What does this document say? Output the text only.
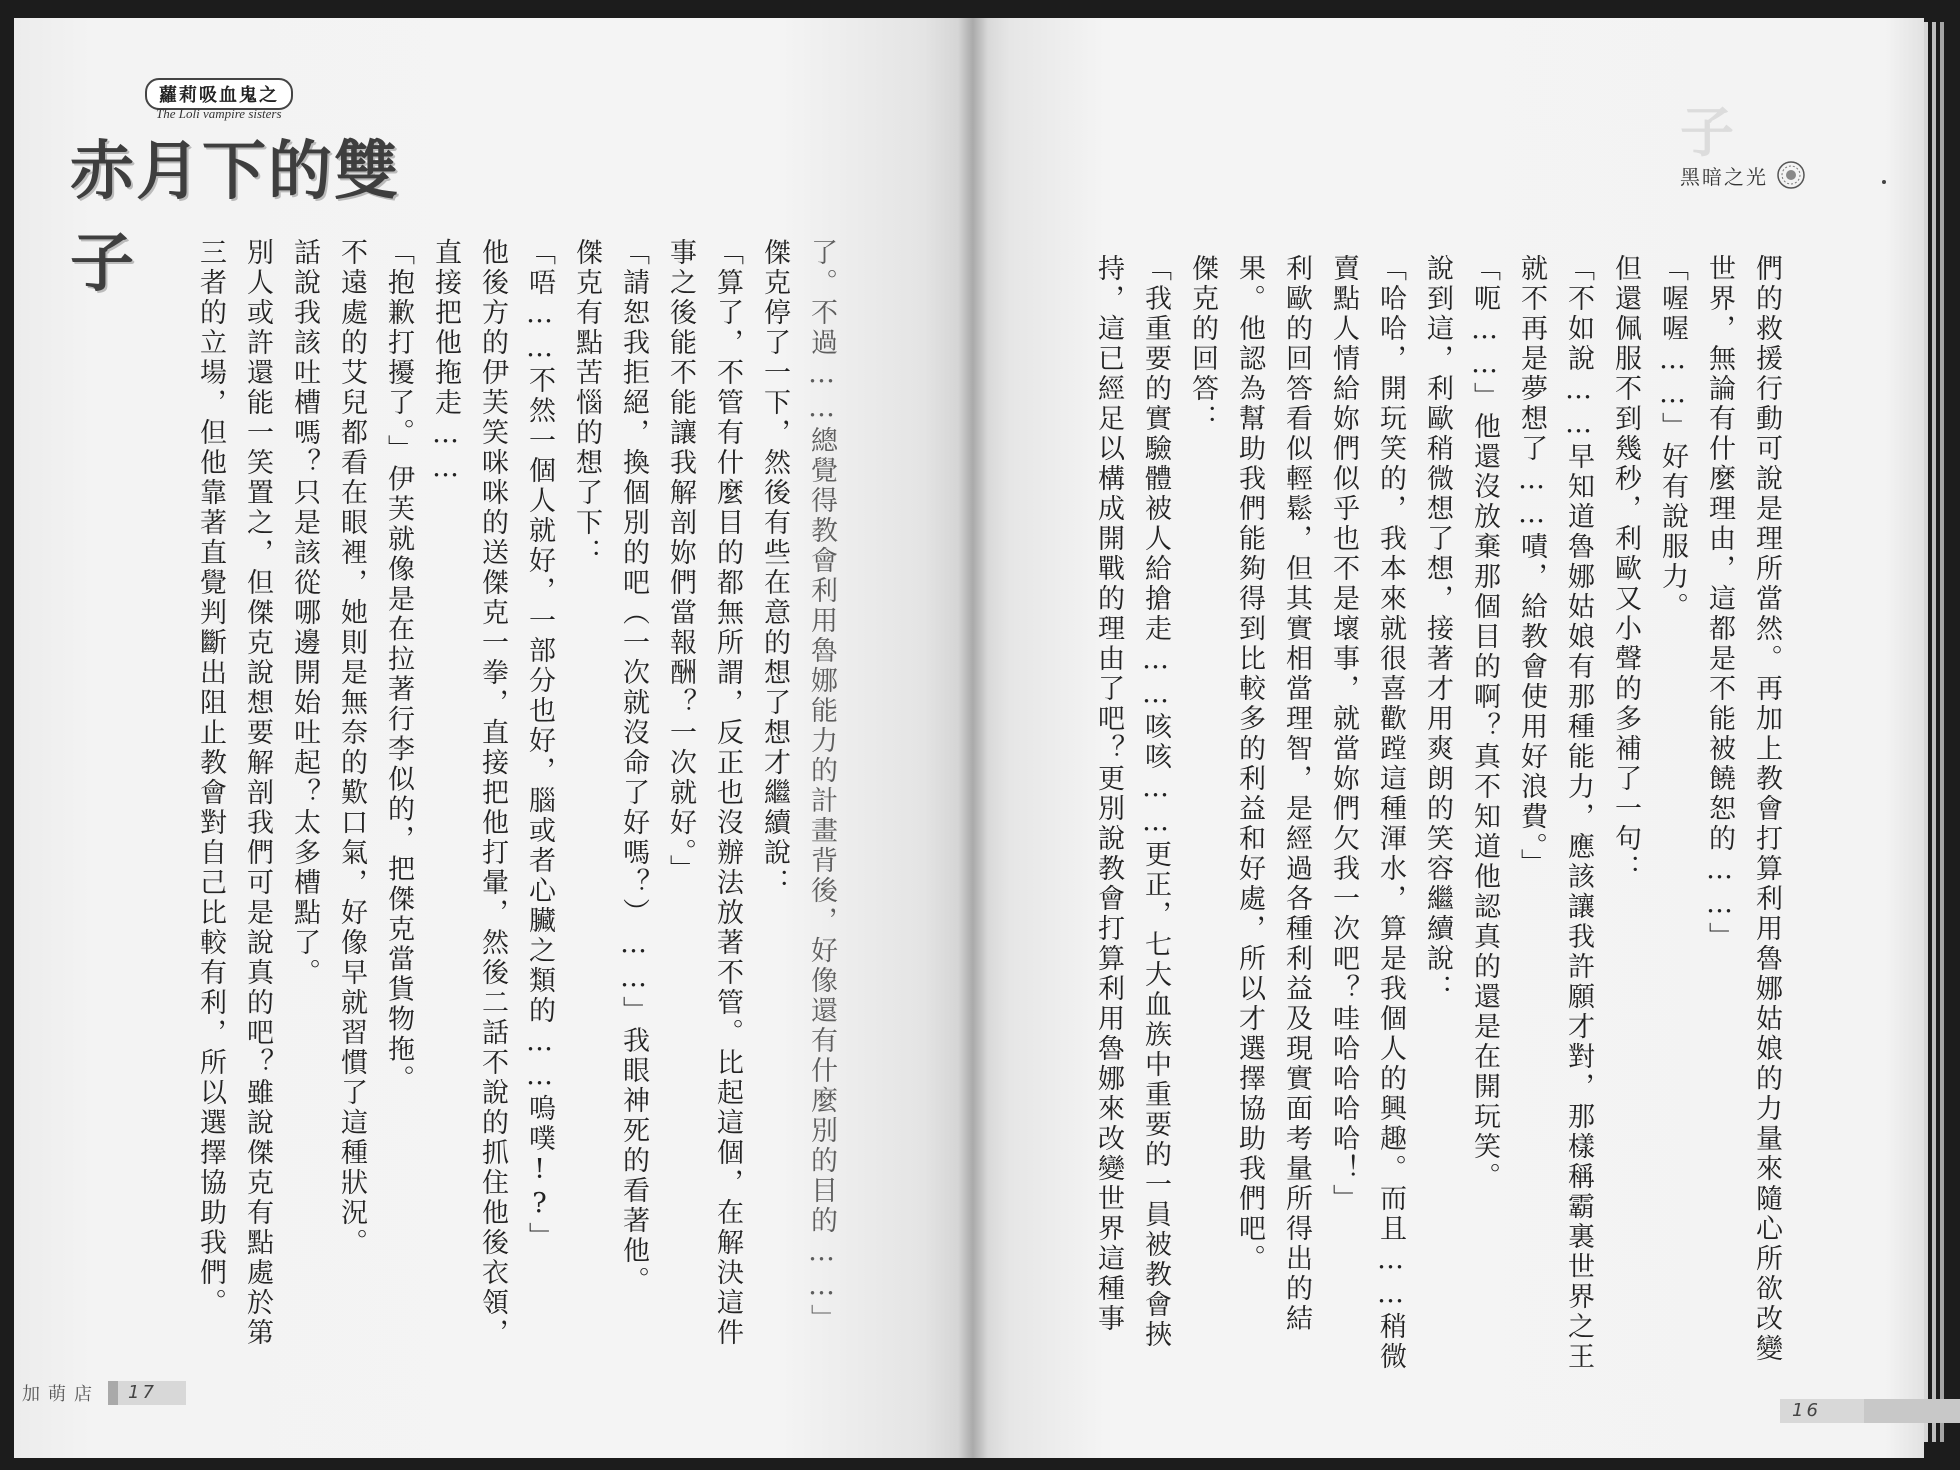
蘿莉吸血鬼之
The Loli vampire sisters
赤月下的雙子	了。不過……總覺得教會利用魯娜能力的計畫背後，好像還有什麼別的目的……」

傑克停了一下，然後有些在意的想了想才繼續說：

「算了，不管有什麼目的都無所謂，反正也沒辦法放著不管。比起這個，在解決這件事之後能不能讓我解剖妳們當報酬？一次就好。」

「請恕我拒絕，換個別的吧（一次就沒命了好嗎？）……」我眼神死的看著他。

傑克有點苦惱的想了下：

「唔……不然一個人就好，一部分也好，腦或者心臟之類的……嗚噗!?」

他後方的伊芙笑咪咪的送傑克一拳，直接把他打暈，然後二話不說的抓住他後衣領，直接把他拖走……

「抱歉打擾了。」伊芙就像是在拉著行李似的，把傑克當貨物拖。

不遠處的艾兒都看在眼裡，她則是無奈的歎口氣，好像早就習慣了這種狀況。

話說我該吐槽嗎？只是該從哪邊開始吐起？太多槽點了。

別人或許還能一笑置之，但傑克說想要解剖我們可是說真的吧？雖說傑克有點處於第三者的立場，但他靠著直覺判斷出阻止教會對自己比較有利，所以選擇協助我們。

子
黑暗之光

們的救援行動可說是理所當然。再加上教會打算利用魯娜姑娘的力量來隨心所欲改變世界，無論有什麼理由，這都是不能被饒恕的……」

「喔喔……」好有說服力。

但還佩服不到幾秒，利歐又小聲的多補了一句：

「不如說……早知道魯娜姑娘有那種能力，應該讓我許願才對，那樣稱霸裏世界之王就不再是夢想了……嘖，給教會使用好浪費。」

「呃……」他還沒放棄那個目的啊？真不知道他認真的還是在開玩笑。

說到這，利歐稍微想了想，接著才用爽朗的笑容繼續說：

「哈哈，開玩笑的，我本來就很喜歡蹚這種渾水，算是我個人的興趣。而且……稍微賣點人情給妳們似乎也不是壞事，就當妳們欠我一次吧？哇哈哈哈哈！」

利歐的回答看似輕鬆，但其實相當理智，是經過各種利益及現實面考量所得出的結果。他認為幫助我們能夠得到比較多的利益和好處，所以才選擇協助我們吧。

傑克的回答：

「我重要的實驗體被人給搶走……咳咳……更正，七大血族中重要的一員被教會挾持，這已經足以構成開戰的理由了吧？更別說教會打算利用魯娜來改變世界這種事

加萌店	17
16
